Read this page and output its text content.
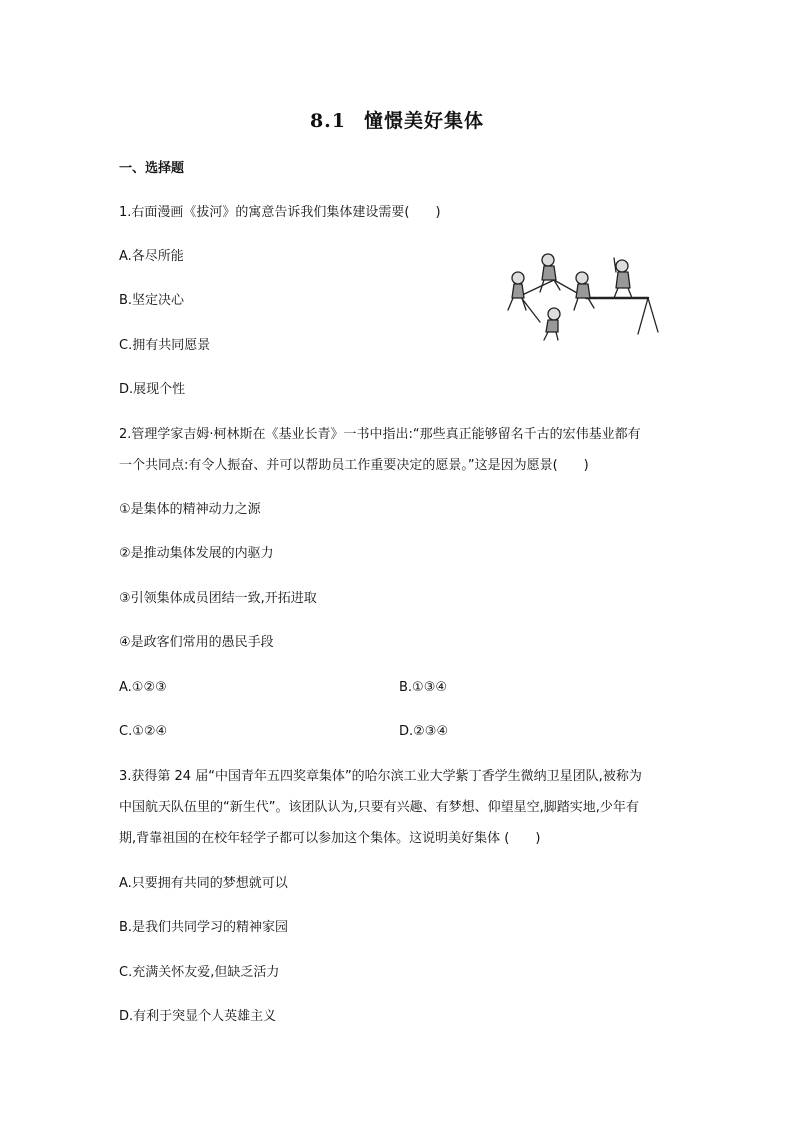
8.1 憧憬美好集体
一、选择题
1.右面漫画《拔河》的寓意告诉我们集体建设需要(　　)
A.各尽所能
B.坚定决心
C.拥有共同愿景
D.展现个性
2.管理学家吉姆·柯林斯在《基业长青》一书中指出:“那些真正能够留名千古的宏伟基业都有
一个共同点:有令人振奋、并可以帮助员工作重要决定的愿景。”这是因为愿景(　　)
①是集体的精神动力之源
②是推动集体发展的内驱力
③引领集体成员团结一致,开拓进取
④是政客们常用的愚民手段
A.①②③	B.①③④
C.①②④	D.②③④
3.获得第 24 届“中国青年五四奖章集体”的哈尔滨工业大学紫丁香学生微纳卫星团队,被称为
中国航天队伍里的“新生代”。该团队认为,只要有兴趣、有梦想、仰望星空,脚踏实地,少年有
期,背靠祖国的在校年轻学子都可以参加这个集体。这说明美好集体 (　　)
A.只要拥有共同的梦想就可以
B.是我们共同学习的精神家园
C.充满关怀友爱,但缺乏活力
D.有利于突显个人英雄主义
